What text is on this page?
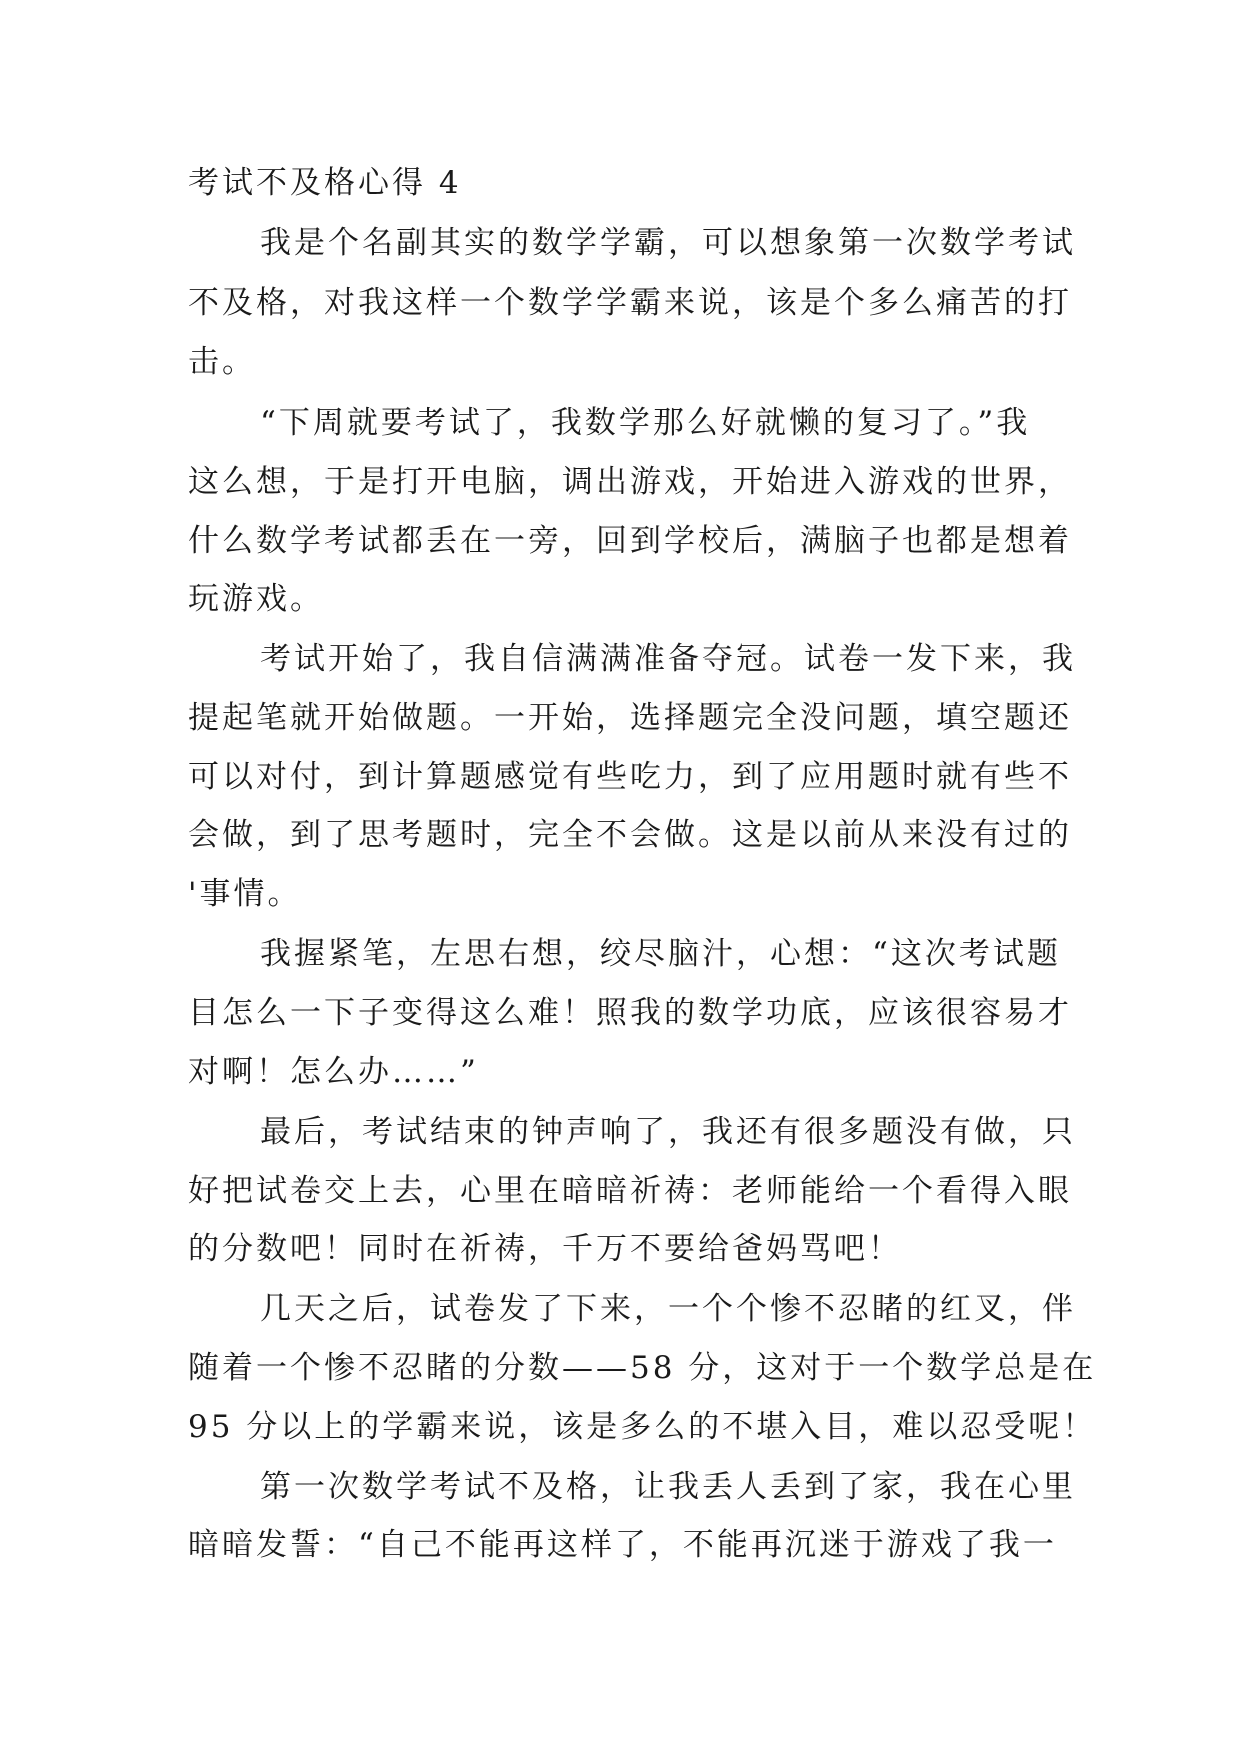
考试不及格心得 4
我是个名副其实的数学学霸，可以想象第一次数学考试
不及格，对我这样一个数学学霸来说，该是个多么痛苦的打
击。
“下周就要考试了，我数学那么好就懒的复习了。”我
这么想，于是打开电脑，调出游戏，开始进入游戏的世界，
什么数学考试都丢在一旁，回到学校后，满脑子也都是想着
玩游戏。
考试开始了，我自信满满准备夺冠。试卷一发下来，我
提起笔就开始做题。一开始，选择题完全没问题，填空题还
可以对付，到计算题感觉有些吃力，到了应用题时就有些不
会做，到了思考题时，完全不会做。这是以前从来没有过的
'事情。
我握紧笔，左思右想，绞尽脑汁，心想：“这次考试题
目怎么一下子变得这么难！照我的数学功底，应该很容易才
对啊！怎么办……”
最后，考试结束的钟声响了，我还有很多题没有做，只
好把试卷交上去，心里在暗暗祈祷：老师能给一个看得入眼
的分数吧！同时在祈祷，千万不要给爸妈骂吧！
几天之后，试卷发了下来，一个个惨不忍睹的红叉，伴
随着一个惨不忍睹的分数——58 分，这对于一个数学总是在
95 分以上的学霸来说，该是多么的不堪入目，难以忍受呢！
第一次数学考试不及格，让我丢人丢到了家，我在心里
暗暗发誓：“自己不能再这样了，不能再沉迷于游戏了我一
